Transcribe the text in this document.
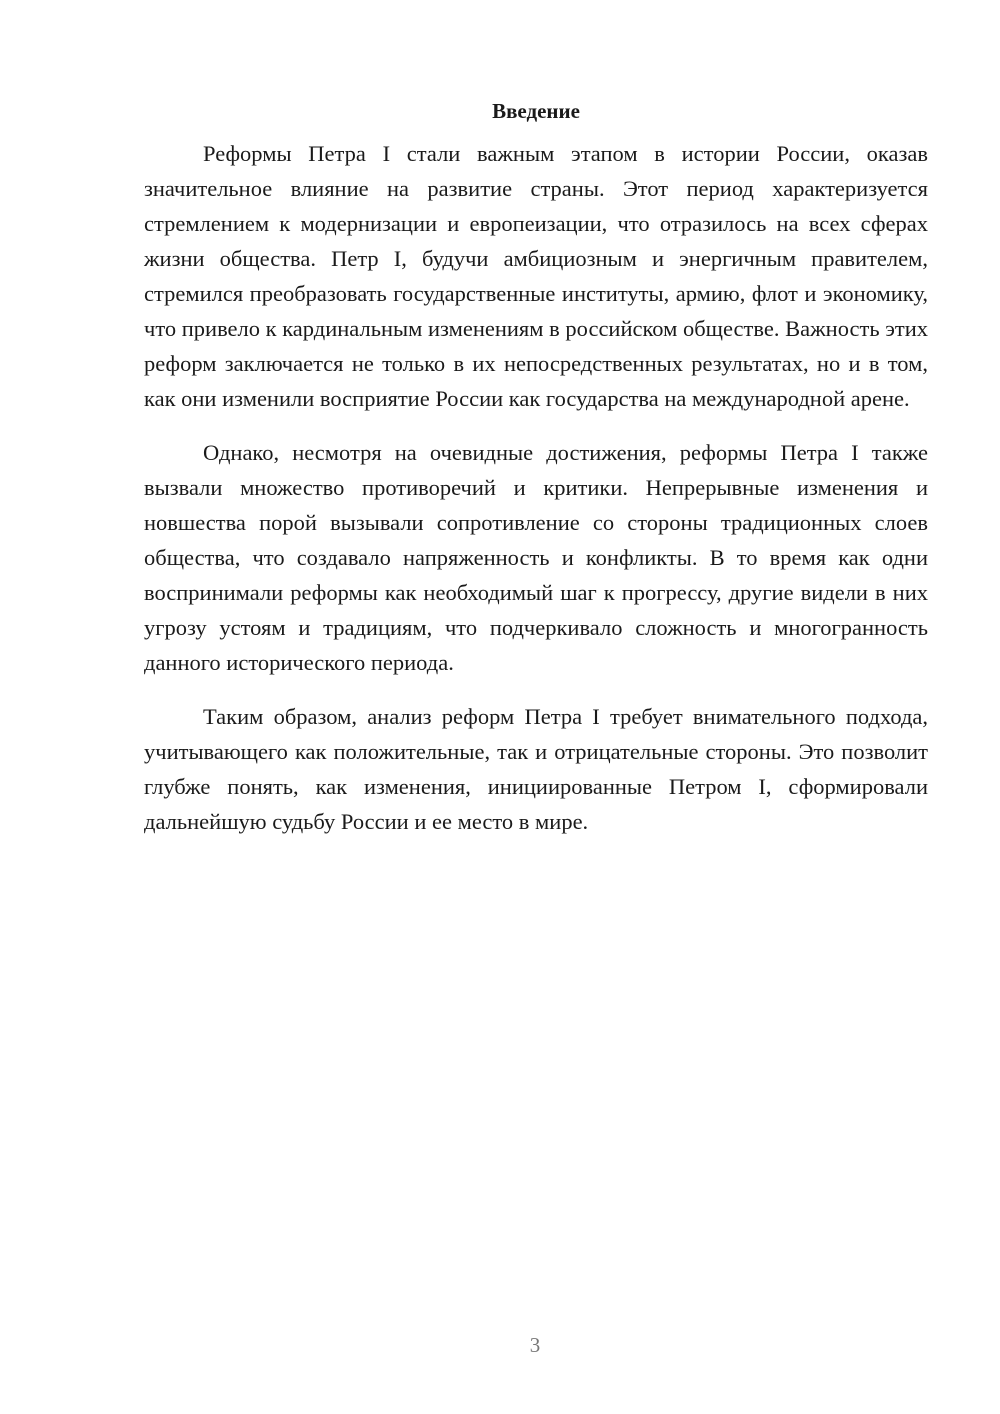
Введение

Реформы Петра I стали важным этапом в истории России, оказав значительное влияние на развитие страны. Этот период характеризуется стремлением к модернизации и европеизации, что отразилось на всех сферах жизни общества. Петр I, будучи амбициозным и энергичным правителем, стремился преобразовать государственные институты, армию, флот и экономику, что привело к кардинальным изменениям в российском обществе. Важность этих реформ заключается не только в их непосредственных результатах, но и в том, как они изменили восприятие России как государства на международной арене.

Однако, несмотря на очевидные достижения, реформы Петра I также вызвали множество противоречий и критики. Непрерывные изменения и новшества порой вызывали сопротивление со стороны традиционных слоев общества, что создавало напряженность и конфликты. В то время как одни воспринимали реформы как необходимый шаг к прогрессу, другие видели в них угрозу устоям и традициям, что подчеркивало сложность и многогранность данного исторического периода.

Таким образом, анализ реформ Петра I требует внимательного подхода, учитывающего как положительные, так и отрицательные стороны. Это позволит глубже понять, как изменения, инициированные Петром I, сформировали дальнейшую судьбу России и ее место в мире.

3
